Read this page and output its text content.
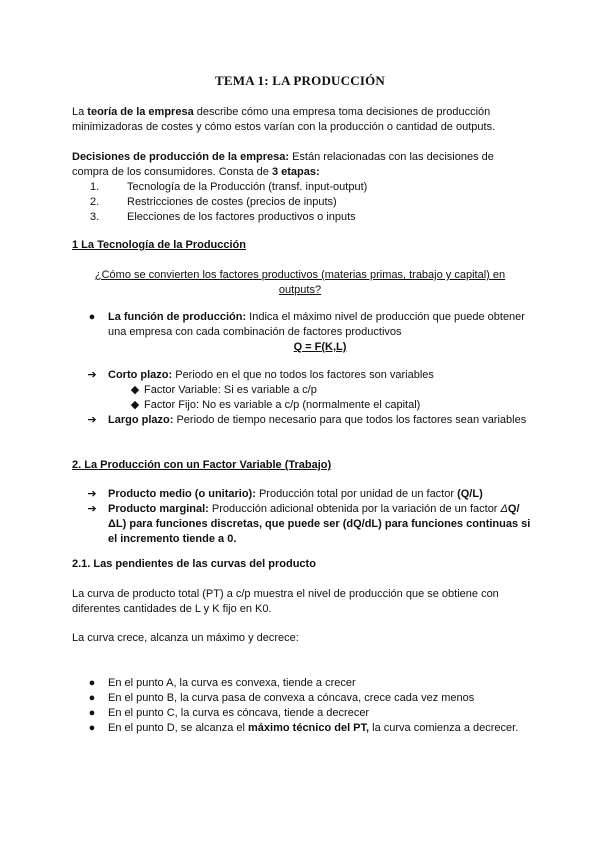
TEMA 1: LA PRODUCCIÓN
La teoría de la empresa describe cómo una empresa toma decisiones de producción minimizadoras de costes y cómo estos varían con la producción o cantidad de outputs.
Decisiones de producción de la empresa: Están relacionadas con las decisiones de compra de los consumidores. Consta de 3 etapas:
1.	Tecnología de la Producción (transf. input-output)
2.	Restricciones de costes (precios de inputs)
3.	Elecciones de los factores productivos o inputs
1 La Tecnología de la Producción
¿Cómo se convierten los factores productivos (materias primas, trabajo y capital) en outputs?
●	La función de producción: Indica el máximo nivel de producción que puede obtener una empresa con cada combinación de factores productivos
Q = F(K,L)
➔ Corto plazo: Periodo en el que no todos los factores son variables
◆ Factor Variable: Si es variable a c/p
◆ Factor Fijo: No es variable a c/p (normalmente el capital)
➔ Largo plazo: Periodo de tiempo necesario para que todos los factores sean variables
2. La Producción con un Factor Variable (Trabajo)
➔ Producto medio (o unitario): Producción total por unidad de un factor (Q/L)
➔ Producto marginal: Producción adicional obtenida por la variación de un factor ΔQ/ΔL) para funciones discretas, que puede ser (dQ/dL) para funciones continuas si el incremento tiende a 0.
2.1. Las pendientes de las curvas del producto
La curva de producto total (PT) a c/p muestra el nivel de producción que se obtiene con diferentes cantidades de L y K fijo en K0.
La curva crece, alcanza un máximo y decrece:
●	En el punto A, la curva es convexa, tiende a crecer
●	En el punto B, la curva pasa de convexa a cóncava, crece cada vez menos
●	En el punto C, la curva es cóncava, tiende a decrecer
●	En el punto D, se alcanza el máximo técnico del PT, la curva comienza a decrecer.
